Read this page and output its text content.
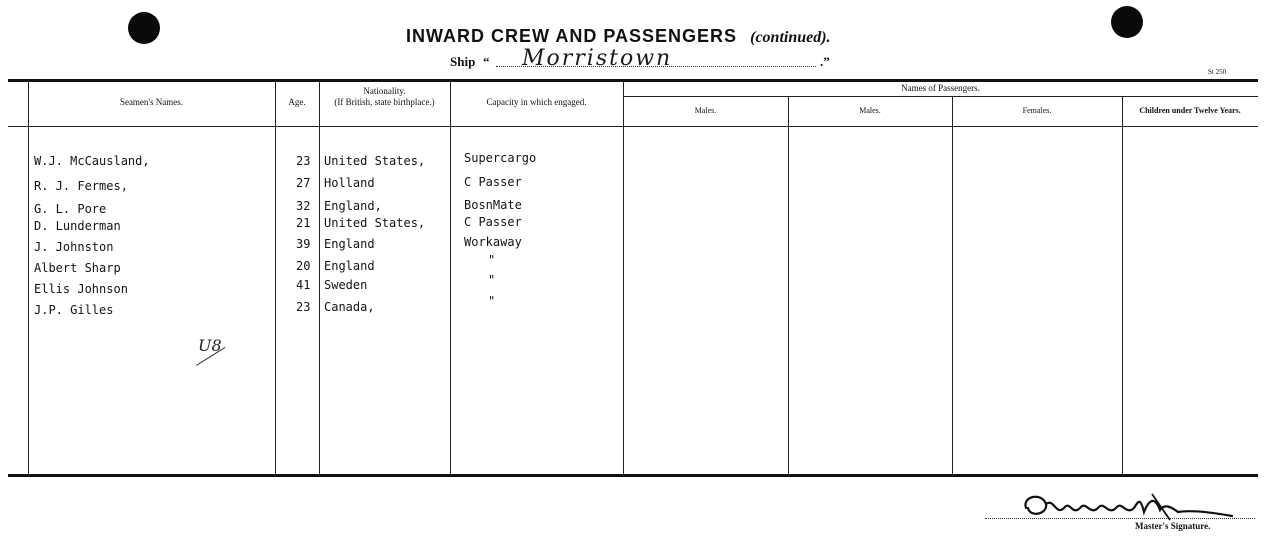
INWARD CREW AND PASSENGERS (continued).
Ship “ Morristown	.”
St 250
Seamen's Names.	Age.
Nationality.
(If British, state birthplace.)	Capacity in which engaged.
Names of Passengers.
Males.	Males.	Females.	Children under Twelve Years.
W.J. McCausland,	23 United States,	Supercargo
R. J. Fermes,	27 Holland	C Passer
G. L. Pore	32 England,	BosnMate
D. Lunderman	21 United States,	C Passer
J. Johnston	39 England	Workaway
Albert Sharp	20 England	"
Ellis Johnson	41 Sweden	"
J.P. Gilles	23 Canada,	"
U8
Master's Signature.
